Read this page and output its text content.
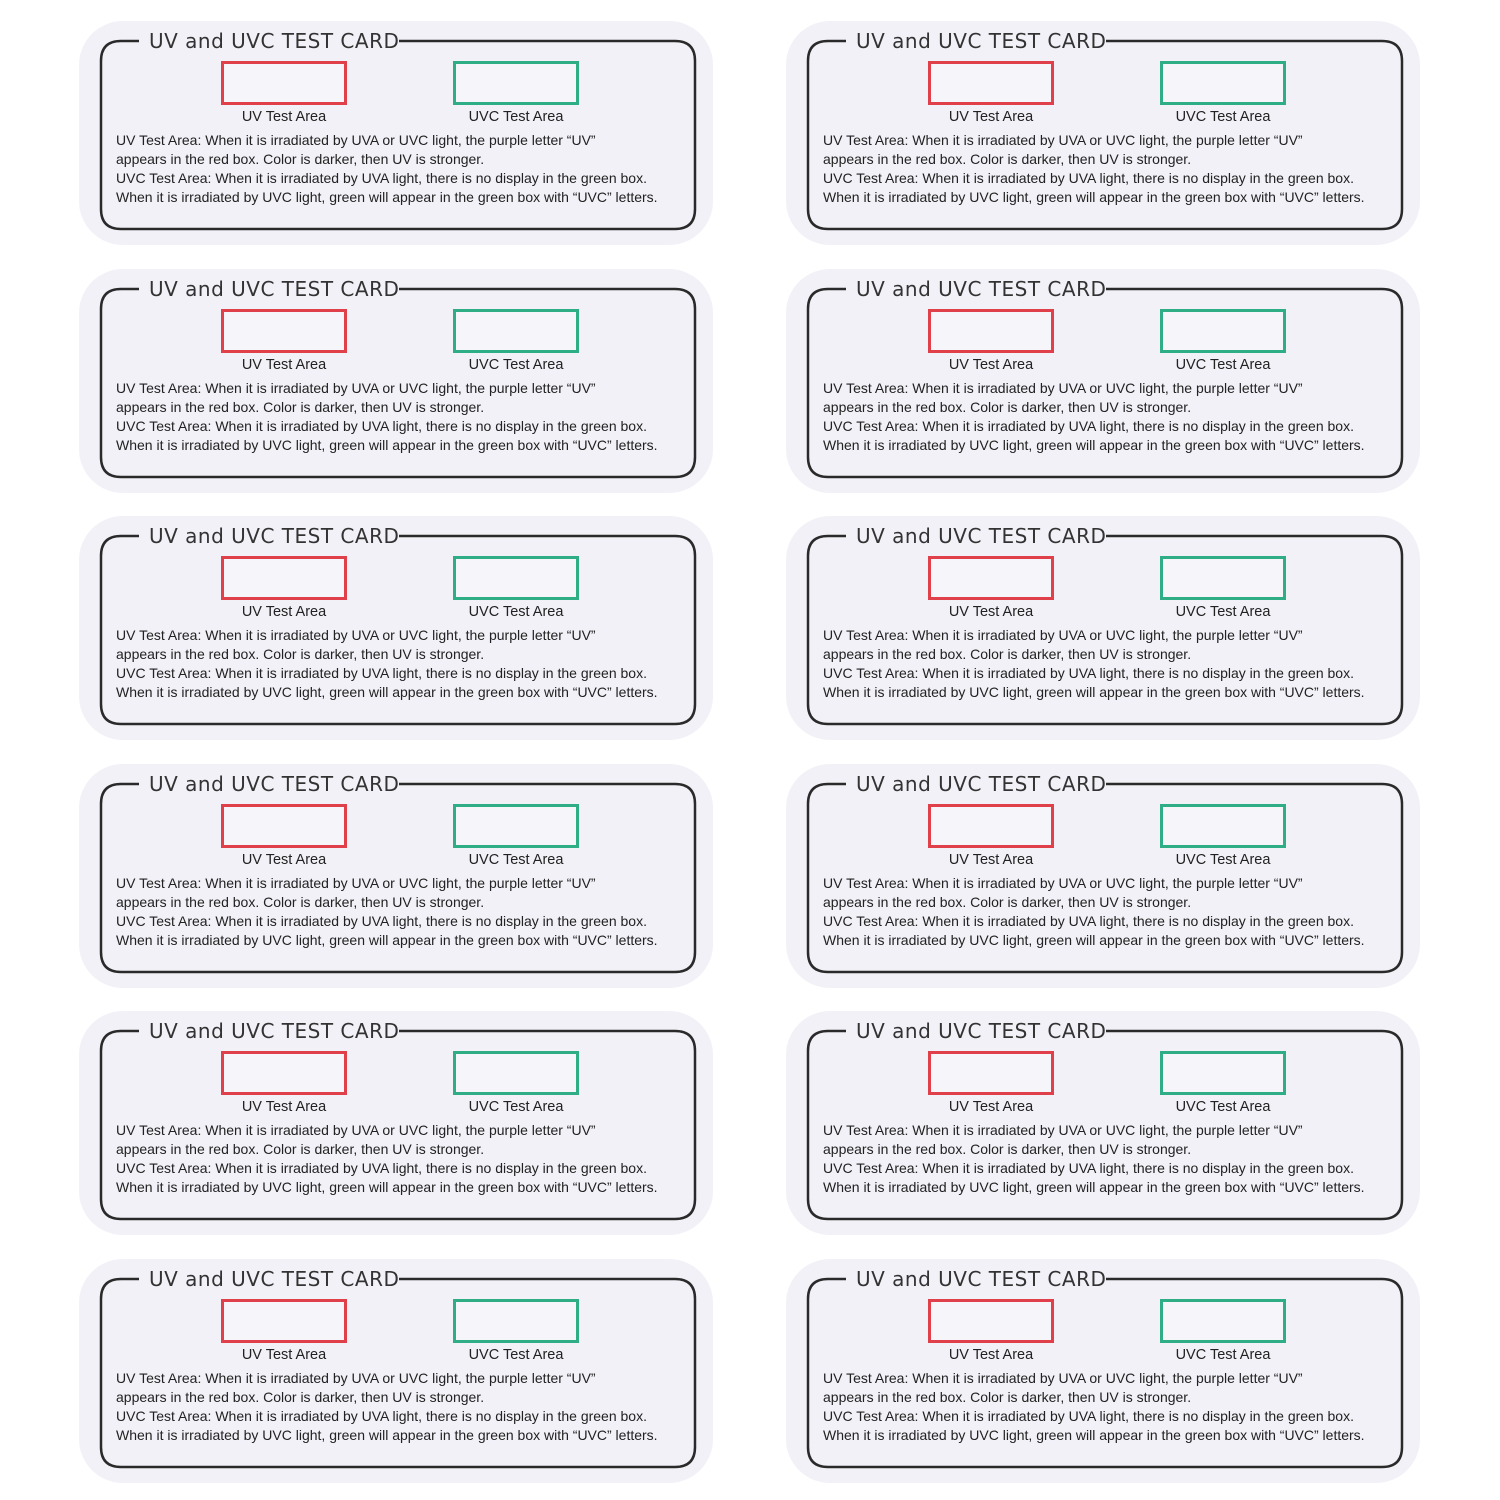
UV and UVC TEST CARD
UV Test Area	UVC Test Area
UV Test Area: When it is irradiated by UVA or UVC light, the purple letter “UV”
appears in the red box. Color is darker, then UV is stronger.
UVC Test Area: When it is irradiated by UVA light, there is no display in the green box.
When it is irradiated by UVC light, green will appear in the green box with “UVC” letters.
UV and UVC TEST CARD
UV Test Area	UVC Test Area
UV Test Area: When it is irradiated by UVA or UVC light, the purple letter “UV”
appears in the red box. Color is darker, then UV is stronger.
UVC Test Area: When it is irradiated by UVA light, there is no display in the green box.
When it is irradiated by UVC light, green will appear in the green box with “UVC” letters.
UV and UVC TEST CARD
UV Test Area	UVC Test Area
UV Test Area: When it is irradiated by UVA or UVC light, the purple letter “UV”
appears in the red box. Color is darker, then UV is stronger.
UVC Test Area: When it is irradiated by UVA light, there is no display in the green box.
When it is irradiated by UVC light, green will appear in the green box with “UVC” letters.
UV and UVC TEST CARD
UV Test Area	UVC Test Area
UV Test Area: When it is irradiated by UVA or UVC light, the purple letter “UV”
appears in the red box. Color is darker, then UV is stronger.
UVC Test Area: When it is irradiated by UVA light, there is no display in the green box.
When it is irradiated by UVC light, green will appear in the green box with “UVC” letters.
UV and UVC TEST CARD
UV Test Area	UVC Test Area
UV Test Area: When it is irradiated by UVA or UVC light, the purple letter “UV”
appears in the red box. Color is darker, then UV is stronger.
UVC Test Area: When it is irradiated by UVA light, there is no display in the green box.
When it is irradiated by UVC light, green will appear in the green box with “UVC” letters.
UV and UVC TEST CARD
UV Test Area	UVC Test Area
UV Test Area: When it is irradiated by UVA or UVC light, the purple letter “UV”
appears in the red box. Color is darker, then UV is stronger.
UVC Test Area: When it is irradiated by UVA light, there is no display in the green box.
When it is irradiated by UVC light, green will appear in the green box with “UVC” letters.
UV and UVC TEST CARD
UV Test Area	UVC Test Area
UV Test Area: When it is irradiated by UVA or UVC light, the purple letter “UV”
appears in the red box. Color is darker, then UV is stronger.
UVC Test Area: When it is irradiated by UVA light, there is no display in the green box.
When it is irradiated by UVC light, green will appear in the green box with “UVC” letters.
UV and UVC TEST CARD
UV Test Area	UVC Test Area
UV Test Area: When it is irradiated by UVA or UVC light, the purple letter “UV”
appears in the red box. Color is darker, then UV is stronger.
UVC Test Area: When it is irradiated by UVA light, there is no display in the green box.
When it is irradiated by UVC light, green will appear in the green box with “UVC” letters.
UV and UVC TEST CARD
UV Test Area	UVC Test Area
UV Test Area: When it is irradiated by UVA or UVC light, the purple letter “UV”
appears in the red box. Color is darker, then UV is stronger.
UVC Test Area: When it is irradiated by UVA light, there is no display in the green box.
When it is irradiated by UVC light, green will appear in the green box with “UVC” letters.
UV and UVC TEST CARD
UV Test Area	UVC Test Area
UV Test Area: When it is irradiated by UVA or UVC light, the purple letter “UV”
appears in the red box. Color is darker, then UV is stronger.
UVC Test Area: When it is irradiated by UVA light, there is no display in the green box.
When it is irradiated by UVC light, green will appear in the green box with “UVC” letters.
UV and UVC TEST CARD
UV Test Area	UVC Test Area
UV Test Area: When it is irradiated by UVA or UVC light, the purple letter “UV”
appears in the red box. Color is darker, then UV is stronger.
UVC Test Area: When it is irradiated by UVA light, there is no display in the green box.
When it is irradiated by UVC light, green will appear in the green box with “UVC” letters.
UV and UVC TEST CARD
UV Test Area	UVC Test Area
UV Test Area: When it is irradiated by UVA or UVC light, the purple letter “UV”
appears in the red box. Color is darker, then UV is stronger.
UVC Test Area: When it is irradiated by UVA light, there is no display in the green box.
When it is irradiated by UVC light, green will appear in the green box with “UVC” letters.
